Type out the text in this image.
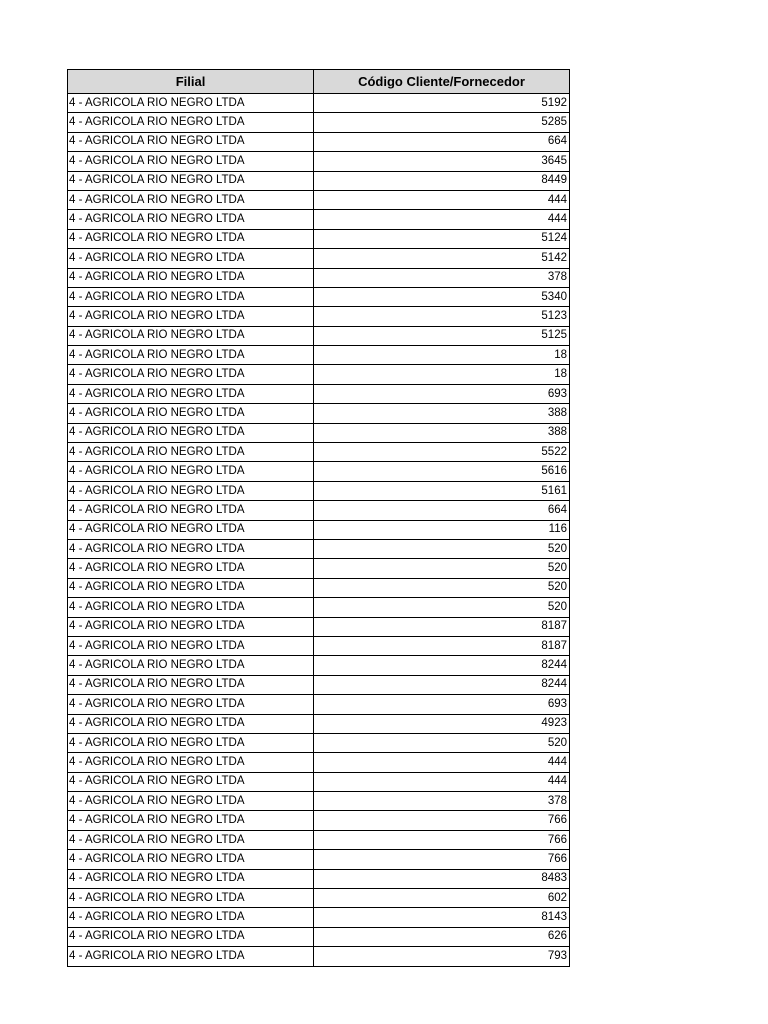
Filial	Código Cliente/Fornecedor
4 - AGRICOLA RIO NEGRO LTDA	5192
4 - AGRICOLA RIO NEGRO LTDA	5285
4 - AGRICOLA RIO NEGRO LTDA	664
4 - AGRICOLA RIO NEGRO LTDA	3645
4 - AGRICOLA RIO NEGRO LTDA	8449
4 - AGRICOLA RIO NEGRO LTDA	444
4 - AGRICOLA RIO NEGRO LTDA	444
4 - AGRICOLA RIO NEGRO LTDA	5124
4 - AGRICOLA RIO NEGRO LTDA	5142
4 - AGRICOLA RIO NEGRO LTDA	378
4 - AGRICOLA RIO NEGRO LTDA	5340
4 - AGRICOLA RIO NEGRO LTDA	5123
4 - AGRICOLA RIO NEGRO LTDA	5125
4 - AGRICOLA RIO NEGRO LTDA	18
4 - AGRICOLA RIO NEGRO LTDA	18
4 - AGRICOLA RIO NEGRO LTDA	693
4 - AGRICOLA RIO NEGRO LTDA	388
4 - AGRICOLA RIO NEGRO LTDA	388
4 - AGRICOLA RIO NEGRO LTDA	5522
4 - AGRICOLA RIO NEGRO LTDA	5616
4 - AGRICOLA RIO NEGRO LTDA	5161
4 - AGRICOLA RIO NEGRO LTDA	664
4 - AGRICOLA RIO NEGRO LTDA	116
4 - AGRICOLA RIO NEGRO LTDA	520
4 - AGRICOLA RIO NEGRO LTDA	520
4 - AGRICOLA RIO NEGRO LTDA	520
4 - AGRICOLA RIO NEGRO LTDA	520
4 - AGRICOLA RIO NEGRO LTDA	8187
4 - AGRICOLA RIO NEGRO LTDA	8187
4 - AGRICOLA RIO NEGRO LTDA	8244
4 - AGRICOLA RIO NEGRO LTDA	8244
4 - AGRICOLA RIO NEGRO LTDA	693
4 - AGRICOLA RIO NEGRO LTDA	4923
4 - AGRICOLA RIO NEGRO LTDA	520
4 - AGRICOLA RIO NEGRO LTDA	444
4 - AGRICOLA RIO NEGRO LTDA	444
4 - AGRICOLA RIO NEGRO LTDA	378
4 - AGRICOLA RIO NEGRO LTDA	766
4 - AGRICOLA RIO NEGRO LTDA	766
4 - AGRICOLA RIO NEGRO LTDA	766
4 - AGRICOLA RIO NEGRO LTDA	8483
4 - AGRICOLA RIO NEGRO LTDA	602
4 - AGRICOLA RIO NEGRO LTDA	8143
4 - AGRICOLA RIO NEGRO LTDA	626
4 - AGRICOLA RIO NEGRO LTDA	793
